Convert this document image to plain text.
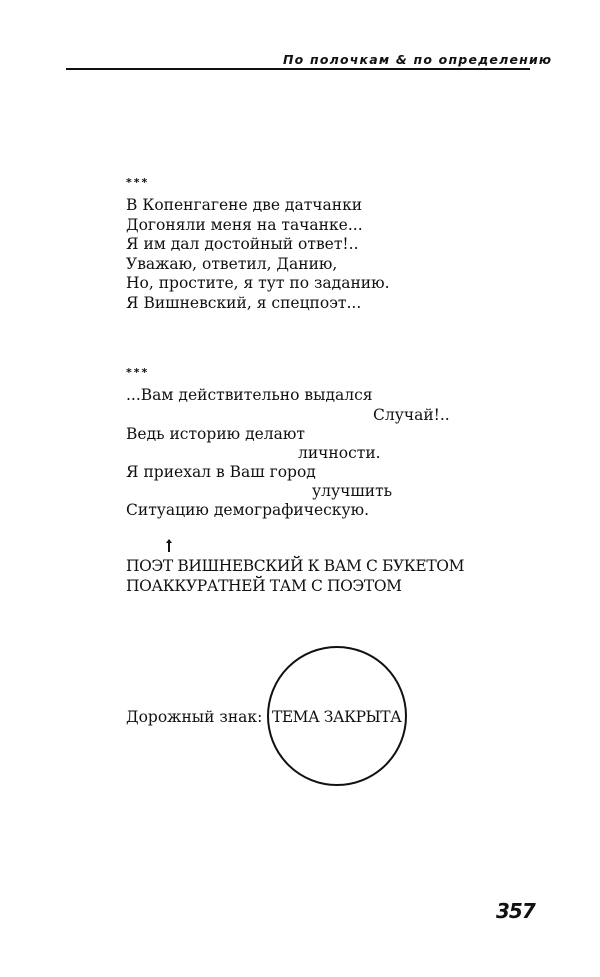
По полочкам & по определению
***
В Копенгагене две датчанки
Догоняли меня на тачанке...
Я им дал достойный ответ!..
Уважаю, ответил, Данию,
Но, простите, я тут по заданию.
Я Вишневский, я спецпоэт...
***
...Вам действительно выдался
Случай!..
Ведь историю делают
личности.
Я приехал в Ваш город
улучшить
Ситуацию демографическую.
ПОЭТ ВИШНЕВСКИЙ К ВАМ С БУКЕТОМ
ПОАККУРАТНЕЙ ТАМ С ПОЭТОМ
Дорожный знак: ТЕМА ЗАКРЫТА
357
